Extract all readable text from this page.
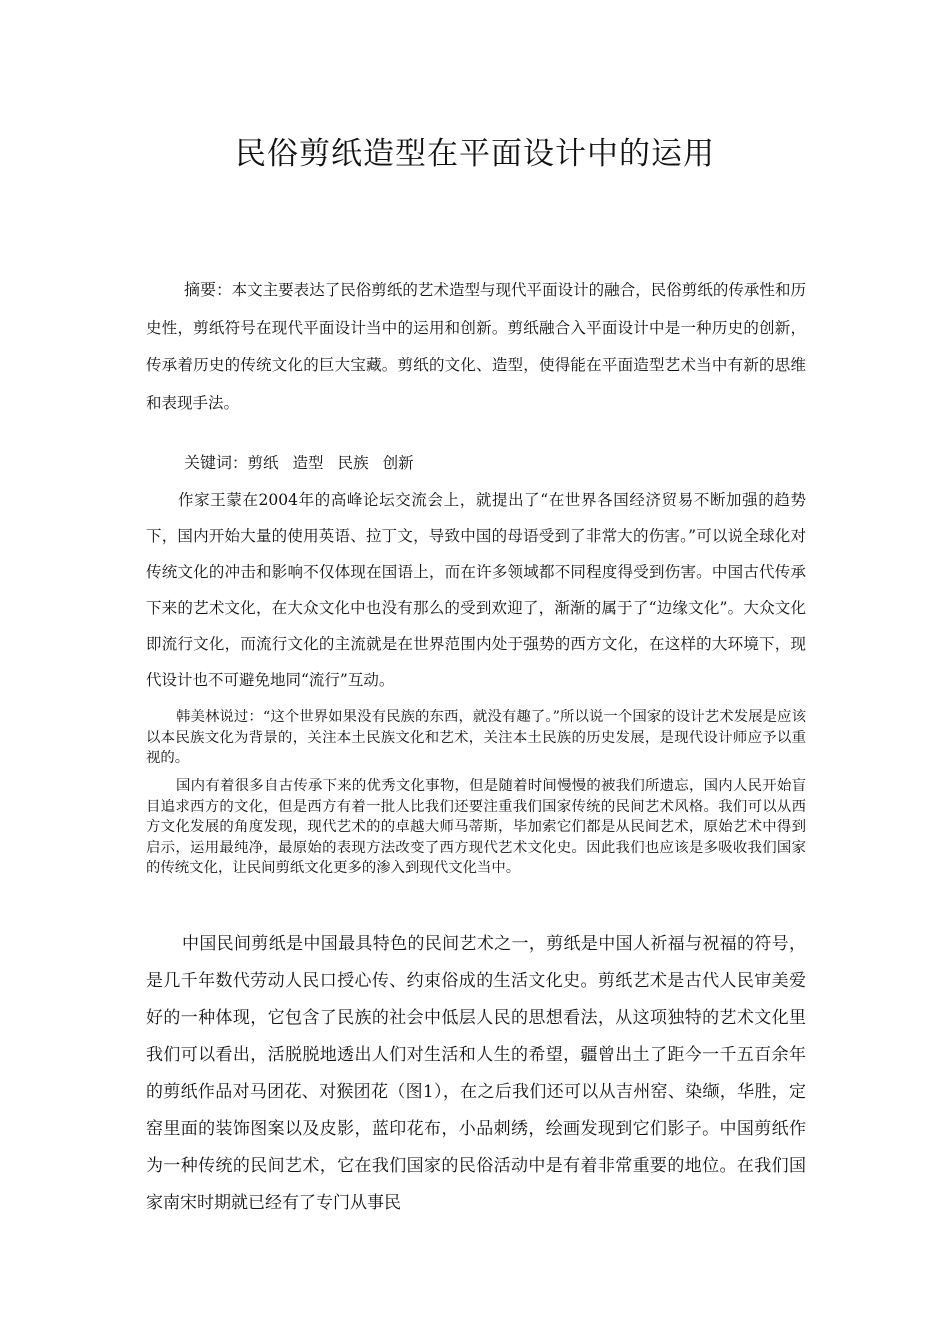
民俗剪纸造型在平面设计中的运用

摘要：本文主要表达了民俗剪纸的艺术造型与现代平面设计的融合，民俗剪纸的传承性和历史性，剪纸符号在现代平面设计当中的运用和创新。剪纸融合入平面设计中是一种历史的创新，传承着历史的传统文化的巨大宝藏。剪纸的文化、造型，使得能在平面造型艺术当中有新的思维和表现手法。

关键词：剪纸 造型 民族 创新

作家王蒙在2004年的高峰论坛交流会上，就提出了“在世界各国经济贸易不断加强的趋势下，国内开始大量的使用英语、拉丁文，导致中国的母语受到了非常大的伤害。”可以说全球化对传统文化的冲击和影响不仅体现在国语上，而在许多领域都不同程度得受到伤害。中国古代传承下来的艺术文化，在大众文化中也没有那么的受到欢迎了，渐渐的属于了“边缘文化”。大众文化即流行文化，而流行文化的主流就是在世界范围内处于强势的西方文化，在这样的大环境下，现代设计也不可避免地同“流行”互动。

韩美林说过：“这个世界如果没有民族的东西，就没有趣了。”所以说一个国家的设计艺术发展是应该以本民族文化为背景的，关注本土民族文化和艺术，关注本土民族的历史发展，是现代设计师应予以重视的。

国内有着很多自古传承下来的优秀文化事物，但是随着时间慢慢的被我们所遗忘，国内人民开始盲目追求西方的文化，但是西方有着一批人比我们还要注重我们国家传统的民间艺术风格。我们可以从西方文化发展的角度发现，现代艺术的的卓越大师马蒂斯，毕加索它们都是从民间艺术，原始艺术中得到启示，运用最纯净，最原始的表现方法改变了西方现代艺术文化史。因此我们也应该是多吸收我们国家的传统文化，让民间剪纸文化更多的渗入到现代文化当中。

中国民间剪纸是中国最具特色的民间艺术之一，剪纸是中国人祈福与祝福的符号，是几千年数代劳动人民口授心传、约束俗成的生活文化史。剪纸艺术是古代人民审美爱好的一种体现，它包含了民族的社会中低层人民的思想看法，从这项独特的艺术文化里我们可以看出，活脱脱地透出人们对生活和人生的希望，疆曾出土了距今一千五百余年的剪纸作品对马团花、对猴团花（图1），在之后我们还可以从吉州窑、染缬，华胜，定窑里面的装饰图案以及皮影，蓝印花布，小品刺绣，绘画发现到它们影子。中国剪纸作为一种传统的民间艺术，它在我们国家的民俗活动中是有着非常重要的地位。在我们国家南宋时期就已经有了专门从事民
